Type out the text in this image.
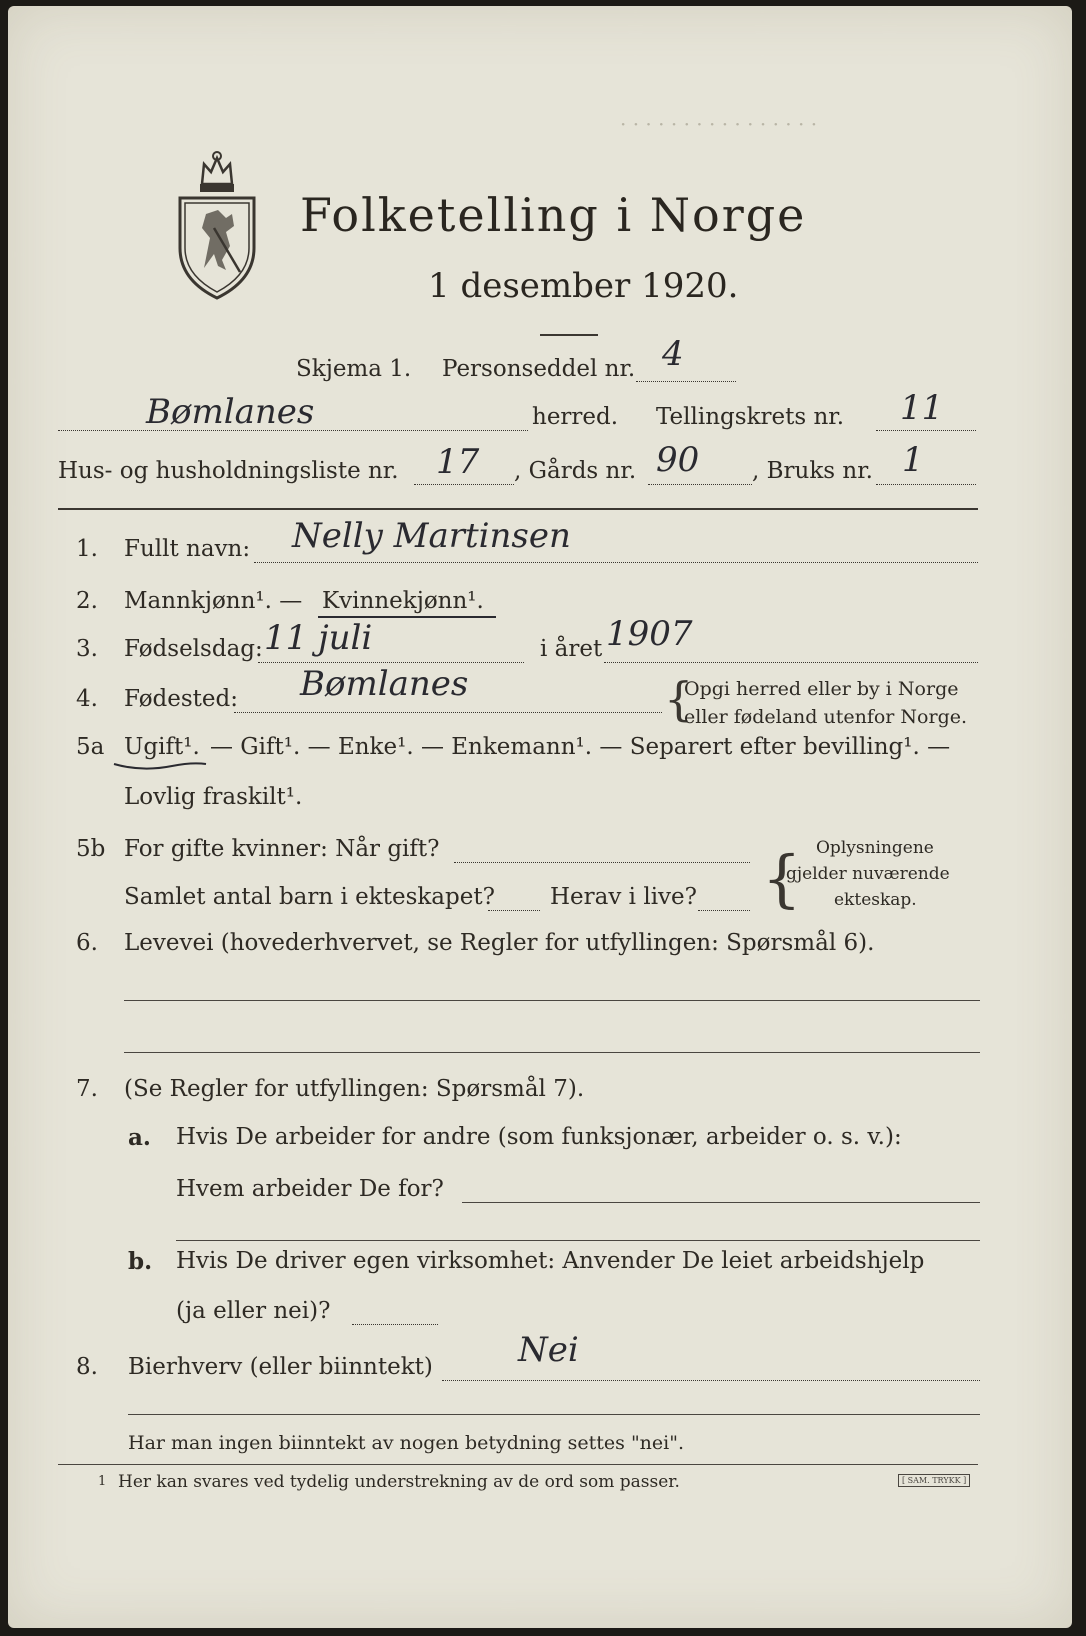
· · · · · · · · · · · · · · · ·
Folketelling i Norge
1 desember 1920.
Skjema 1. Personseddel nr. 4
Bømlanes	herred. Tellingskrets nr. 11
Hus- og husholdningsliste nr. 17 , Gårds nr. 90 , Bruks nr. 1
1. Fullt navn: Nelly Martinsen
2. Mannkjønn¹. — Kvinnekjønn¹.
3. Fødselsdag: 11 juli	i året 1907
4. Fødested: Bømlanes	{
Opgi herred eller by i Norge
eller fødeland utenfor Norge.
5a Ugift¹. — Gift¹. — Enke¹. — Enkemann¹. — Separert efter bevilling¹. —
Lovlig fraskilt¹.
5b For gifte kvinner: Når gift?
Samlet antal barn i ekteskapet? Herav i live? { Oplysningene
gjelder nuværende
ekteskap.
6. Levevei (hovederhvervet, se Regler for utfyllingen: Spørsmål 6).
7. (Se Regler for utfyllingen: Spørsmål 7).
a. Hvis De arbeider for andre (som funksjonær, arbeider o. s. v.):
Hvem arbeider De for?
b. Hvis De driver egen virksomhet: Anvender De leiet arbeidshjelp
(ja eller nei)?
8. Bierhverv (eller biinntekt)	Nei
Har man ingen biinntekt av nogen betydning settes "nei".
1 Her kan svares ved tydelig understrekning av de ord som passer.	[ SAM. TRYKK ]
